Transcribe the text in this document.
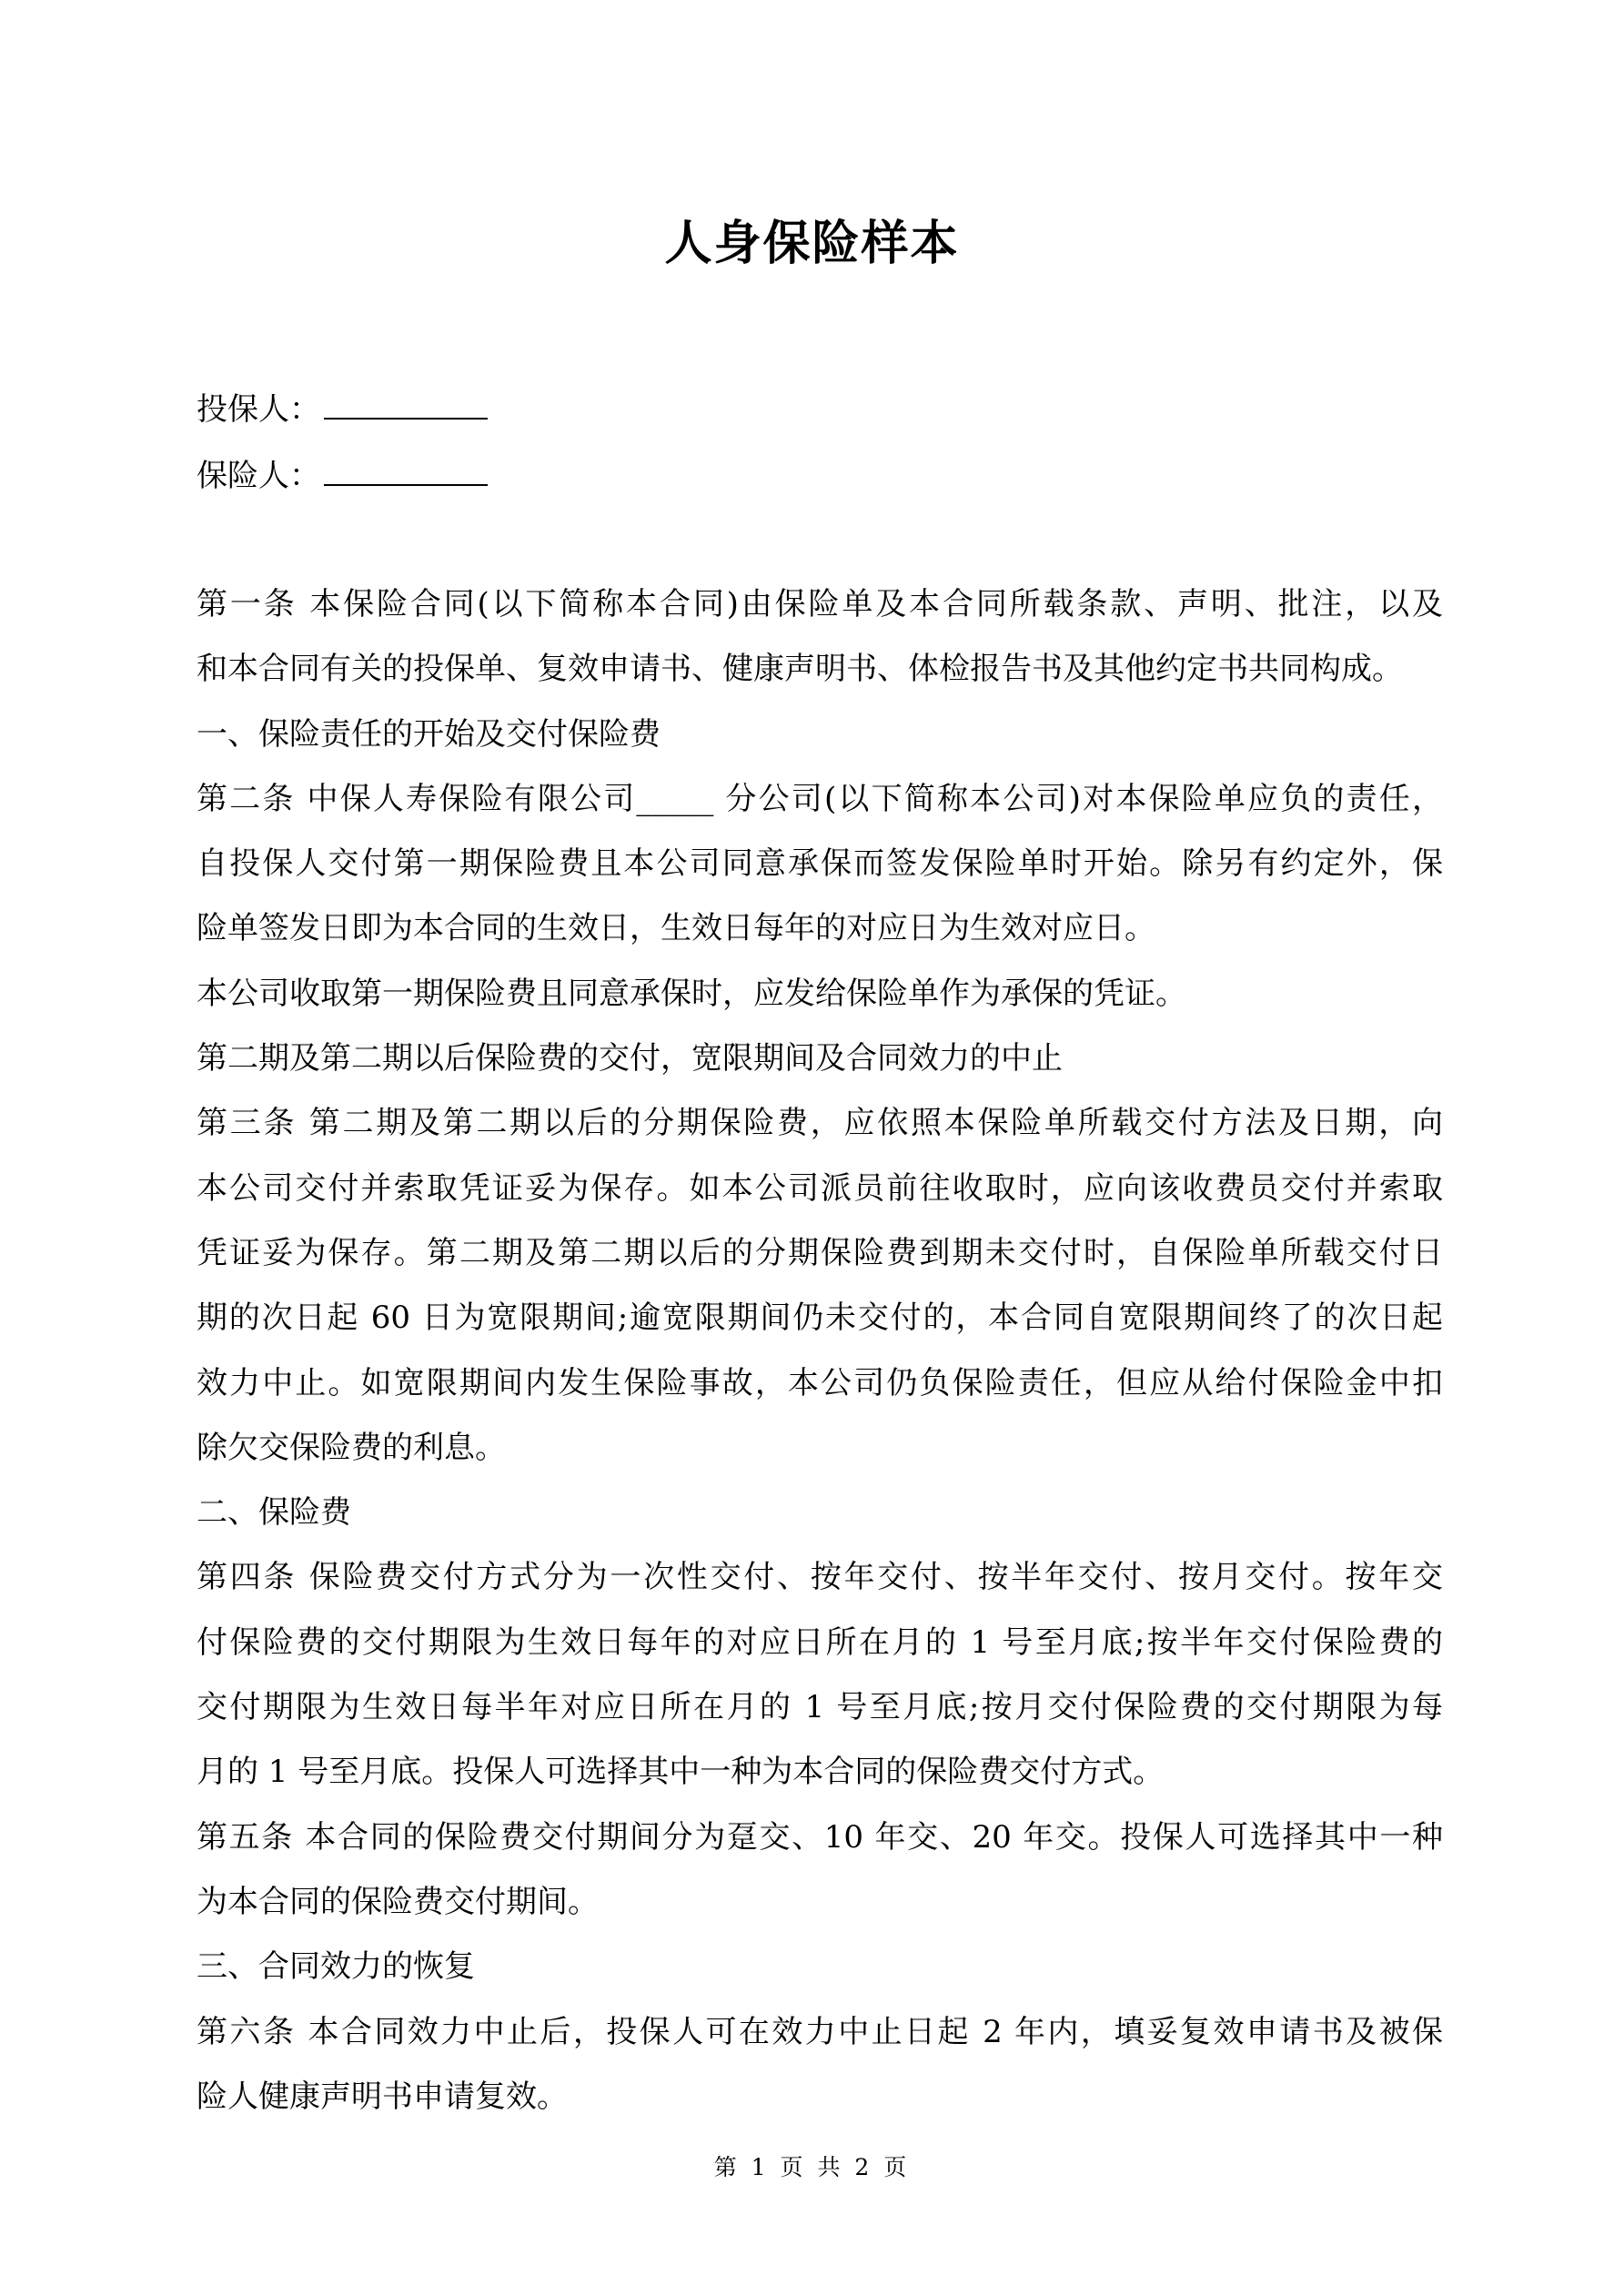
人身保险样本
投保人：
保险人：
第一条 本保险合同(以下简称本合同)由保险单及本合同所载条款、声明、批注，以及
和本合同有关的投保单、复效申请书、健康声明书、体检报告书及其他约定书共同构成。
一、保险责任的开始及交付保险费
第二条 中保人寿保险有限公司_____ 分公司(以下简称本公司)对本保险单应负的责任，
自投保人交付第一期保险费且本公司同意承保而签发保险单时开始。除另有约定外，保
险单签发日即为本合同的生效日，生效日每年的对应日为生效对应日。
本公司收取第一期保险费且同意承保时，应发给保险单作为承保的凭证。
第二期及第二期以后保险费的交付，宽限期间及合同效力的中止
第三条 第二期及第二期以后的分期保险费，应依照本保险单所载交付方法及日期，向
本公司交付并索取凭证妥为保存。如本公司派员前往收取时，应向该收费员交付并索取
凭证妥为保存。第二期及第二期以后的分期保险费到期未交付时，自保险单所载交付日
期的次日起 60 日为宽限期间;逾宽限期间仍未交付的，本合同自宽限期间终了的次日起
效力中止。如宽限期间内发生保险事故，本公司仍负保险责任，但应从给付保险金中扣
除欠交保险费的利息。
二、保险费
第四条 保险费交付方式分为一次性交付、按年交付、按半年交付、按月交付。按年交
付保险费的交付期限为生效日每年的对应日所在月的 1 号至月底;按半年交付保险费的
交付期限为生效日每半年对应日所在月的 1 号至月底;按月交付保险费的交付期限为每
月的 1 号至月底。投保人可选择其中一种为本合同的保险费交付方式。
第五条 本合同的保险费交付期间分为趸交、10 年交、20 年交。投保人可选择其中一种
为本合同的保险费交付期间。
三、合同效力的恢复
第六条 本合同效力中止后，投保人可在效力中止日起 2 年内，填妥复效申请书及被保
险人健康声明书申请复效。
第 1 页 共 2 页
